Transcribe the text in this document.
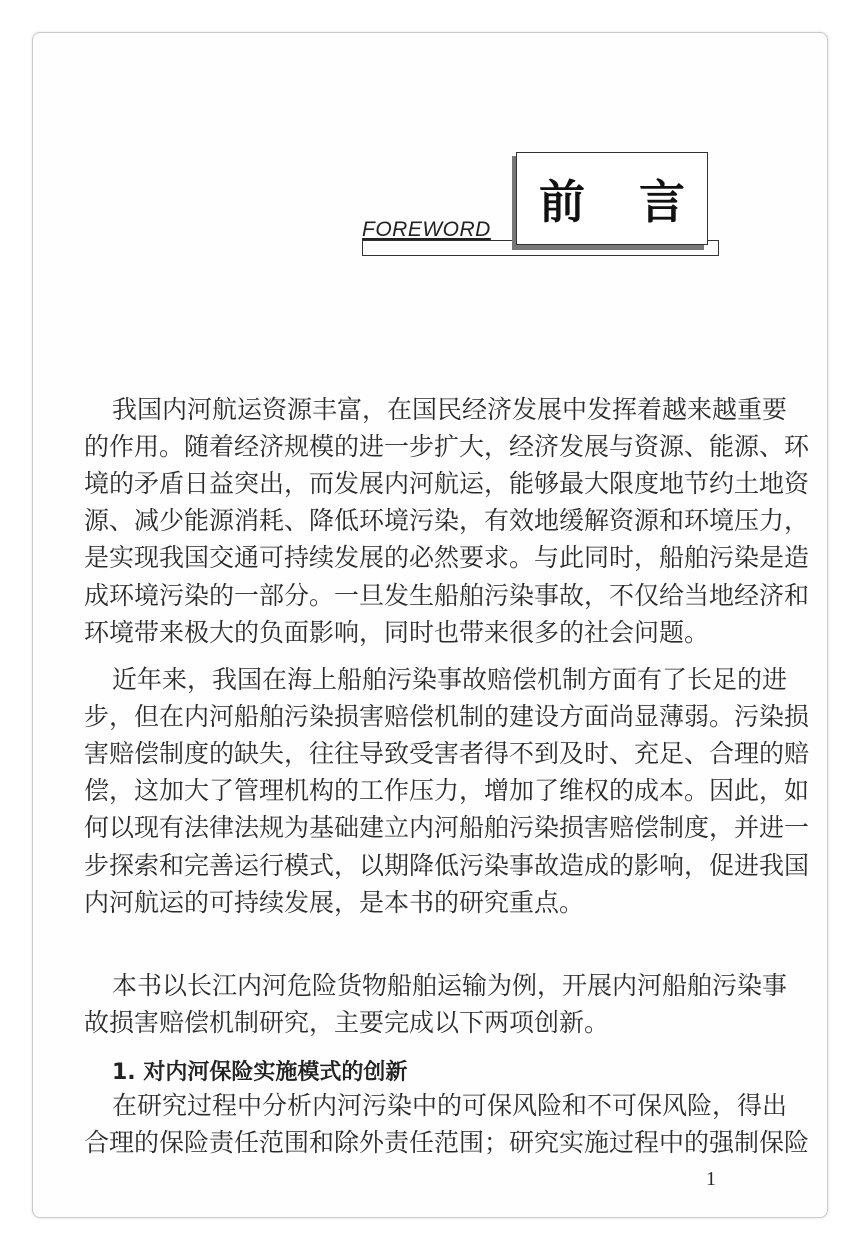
前言
FOREWORD
我国内河航运资源丰富，在国民经济发展中发挥着越来越重要
的作用。随着经济规模的进一步扩大，经济发展与资源、能源、环
境的矛盾日益突出，而发展内河航运，能够最大限度地节约土地资
源、减少能源消耗、降低环境污染，有效地缓解资源和环境压力，
是实现我国交通可持续发展的必然要求。与此同时，船舶污染是造
成环境污染的一部分。一旦发生船舶污染事故，不仅给当地经济和
环境带来极大的负面影响，同时也带来很多的社会问题。
近年来，我国在海上船舶污染事故赔偿机制方面有了长足的进
步，但在内河船舶污染损害赔偿机制的建设方面尚显薄弱。污染损
害赔偿制度的缺失，往往导致受害者得不到及时、充足、合理的赔
偿，这加大了管理机构的工作压力，增加了维权的成本。因此，如
何以现有法律法规为基础建立内河船舶污染损害赔偿制度，并进一
步探索和完善运行模式，以期降低污染事故造成的影响，促进我国
内河航运的可持续发展，是本书的研究重点。
本书以长江内河危险货物船舶运输为例，开展内河船舶污染事
故损害赔偿机制研究，主要完成以下两项创新。
1. 对内河保险实施模式的创新
在研究过程中分析内河污染中的可保风险和不可保风险，得出
合理的保险责任范围和除外责任范围；研究实施过程中的强制保险
1
